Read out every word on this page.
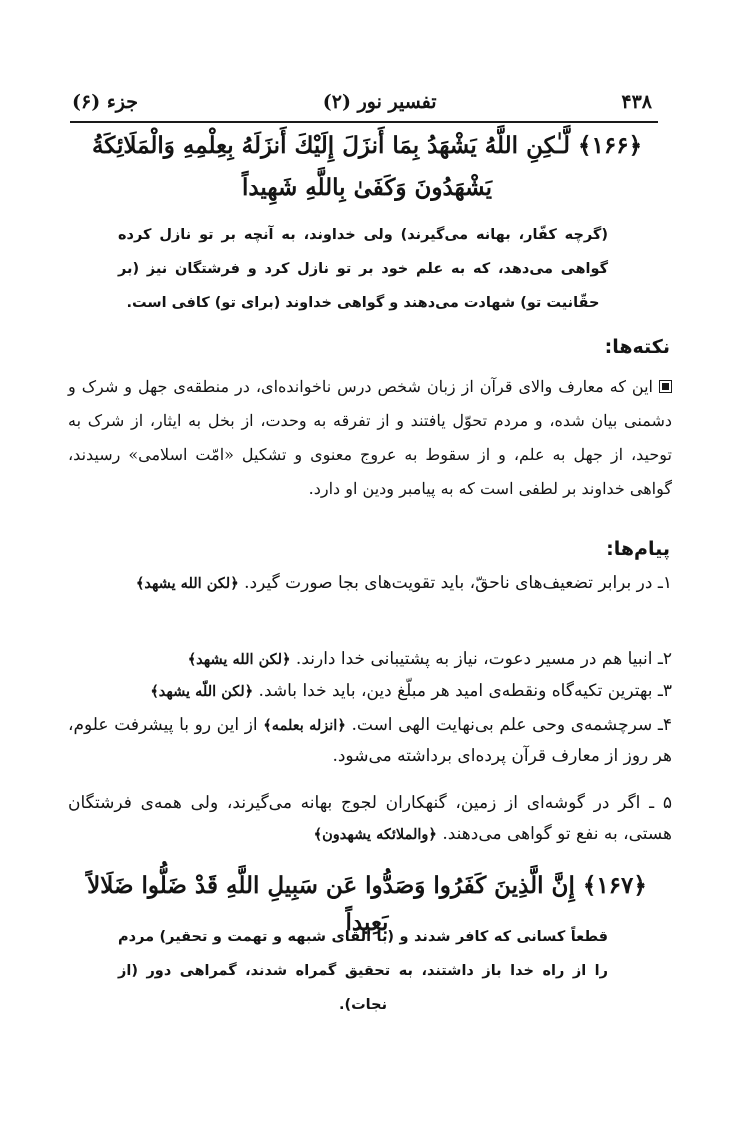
۴۳۸
تفسیر نور (۲)
جزء (۶)
﴿۱۶۶﴾ لَّـٰكِنِ اللَّهُ يَشْهَدُ بِمَا أَنزَلَ إِلَيْكَ أَنزَلَهُ بِعِلْمِهِ وَالْمَلَائِكَةُ
يَشْهَدُونَ وَكَفَىٰ بِاللَّهِ شَهِيداً
(گرچه کفّار، بهانه می‌گیرند) ولی خداوند، به آنچه بر تو نازل کرده گواهی می‌دهد، که به علم خود بر تو نازل کرد و فرشتگان نیز (بر حقّانیت تو) شهادت می‌دهند و گواهی خداوند (برای تو) کافی است.
نکته‌ها:
این که معارف والای قرآن از زبان شخص درس ناخوانده‌ای، در منطقه‌ی جهل و شرک و دشمنی بیان شده، و مردم تحوّل یافتند و از تفرقه به وحدت، از بخل به ایثار، از شرک به توحید، از جهل به علم، و از سقوط به عروج معنوی و تشکیل «امّت اسلامی» رسیدند، گواهی خداوند بر لطفی است که به پیامبر ودین او دارد.
پیام‌ها:
۱ـ در برابر تضعیف‌های ناحقّ، باید تقویت‌های بجا صورت گیرد. ﴿لکن الله یشهد﴾
۲ـ انبیا هم در مسیر دعوت، نیاز به پشتیبانی خدا دارند. ﴿لکن الله یشهد﴾
۳ـ بهترین تکیه‌گاه ونقطه‌ی امید هر مبلّغ دین، باید خدا باشد. ﴿لکن اللّه یشهد﴾
۴ـ سرچشمه‌ی وحی علم بی‌نهایت الهی است. ﴿انزله بعلمه﴾ از این رو با پیشرفت علوم، هر روز از معارف قرآن پرده‌ای برداشته می‌شود.
۵ ـ اگر در گوشه‌ای از زمین، گنهکاران لجوج بهانه می‌گیرند، ولی همه‌ی فرشتگان هستی، به نفع تو گواهی می‌دهند. ﴿والملائکه یشهدون﴾
﴿۱۶۷﴾ إِنَّ الَّذِينَ كَفَرُوا وَصَدُّوا عَن سَبِيلِ اللَّهِ قَدْ ضَلُّوا ضَلَالاً بَعِيداً
قطعاً کسانی که کافر شدند و (با القای شبهه و تهمت و تحقیر) مردم را از راه خدا باز داشتند، به تحقیق گمراه شدند، گمراهی دور (از نجات).
